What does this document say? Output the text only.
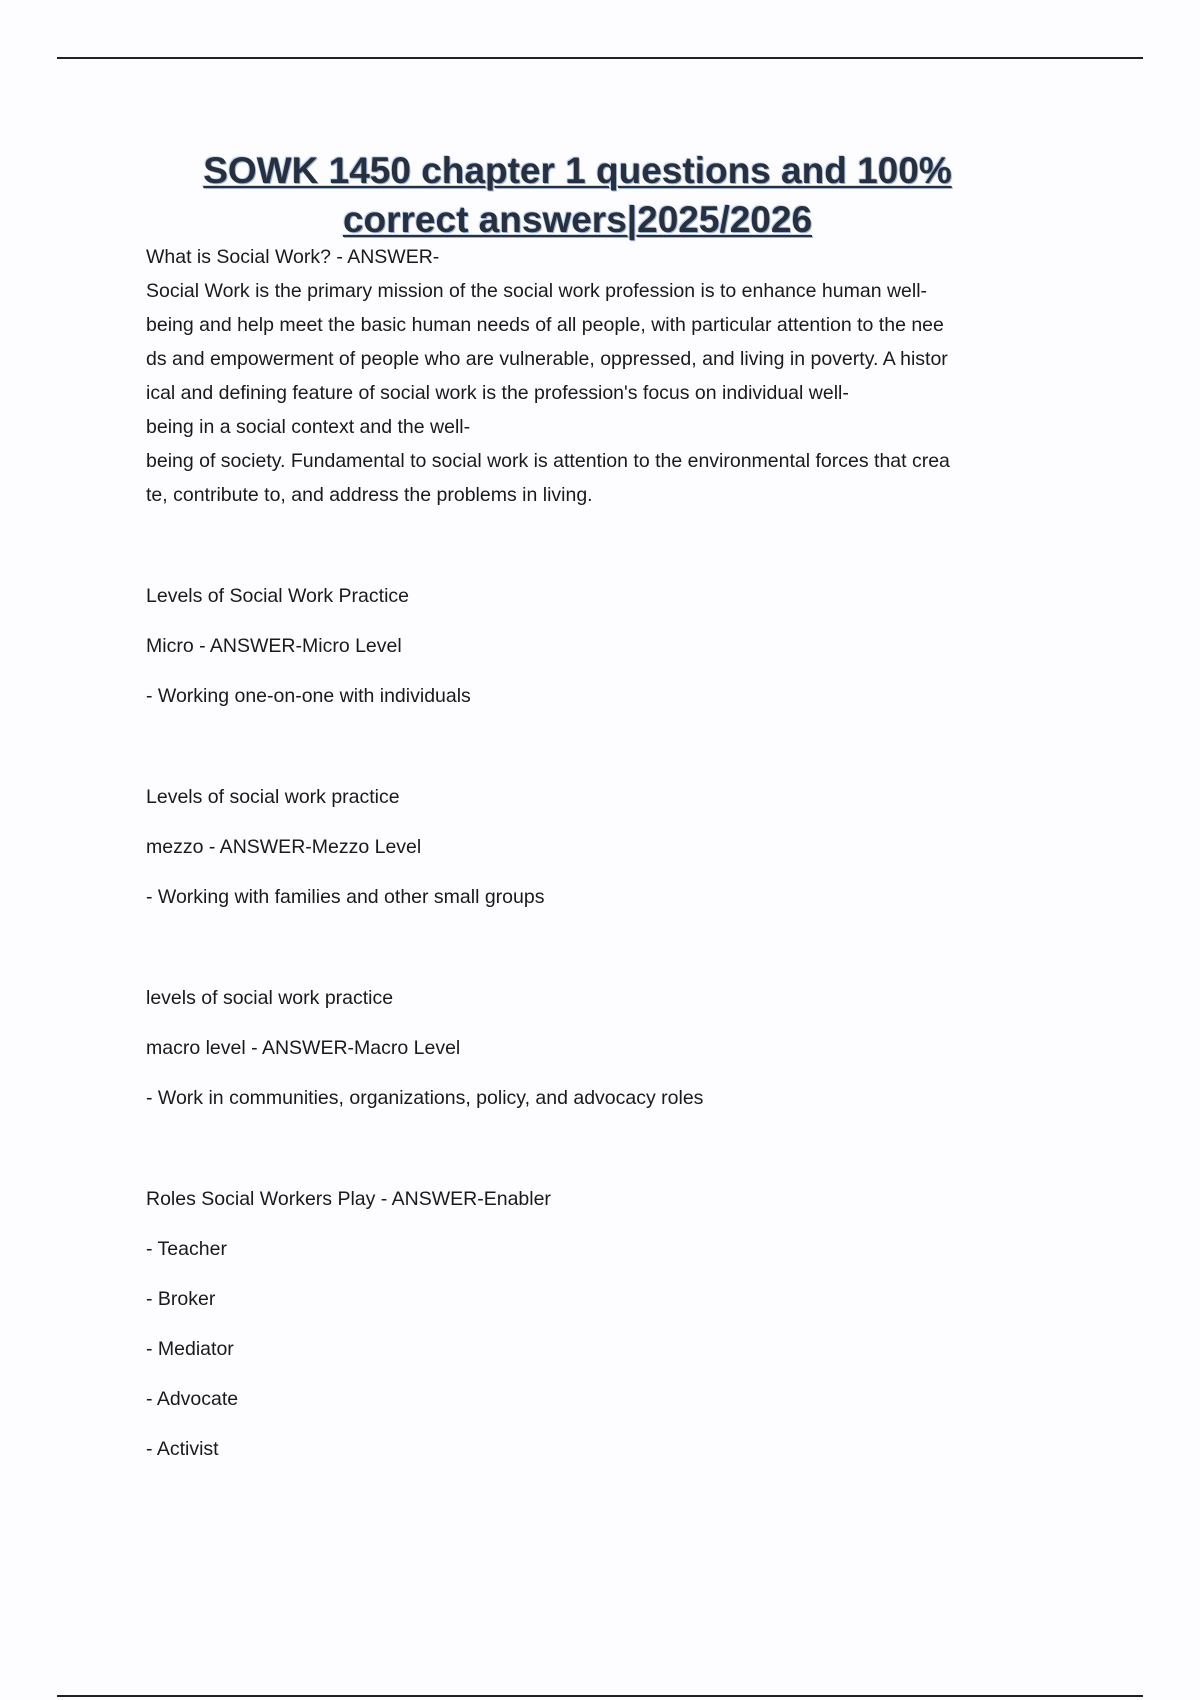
SOWK 1450 chapter 1 questions and 100%
correct answers|2025/2026

What is Social Work? - ANSWER-

Social Work is the primary mission of the social work profession is to enhance human well-
being and help meet the basic human needs of all people, with particular attention to the nee
ds and empowerment of people who are vulnerable, oppressed, and living in poverty. A histor
ical and defining feature of social work is the profession's focus on individual well-
being in a social context and the well-
being of society. Fundamental to social work is attention to the environmental forces that crea
te, contribute to, and address the problems in living.

Levels of Social Work Practice

Micro - ANSWER-Micro Level

- Working one-on-one with individuals

Levels of social work practice

mezzo - ANSWER-Mezzo Level

- Working with families and other small groups

levels of social work practice

macro level - ANSWER-Macro Level

- Work in communities, organizations, policy, and advocacy roles

Roles Social Workers Play - ANSWER-Enabler

- Teacher

- Broker

- Mediator

- Advocate

- Activist
